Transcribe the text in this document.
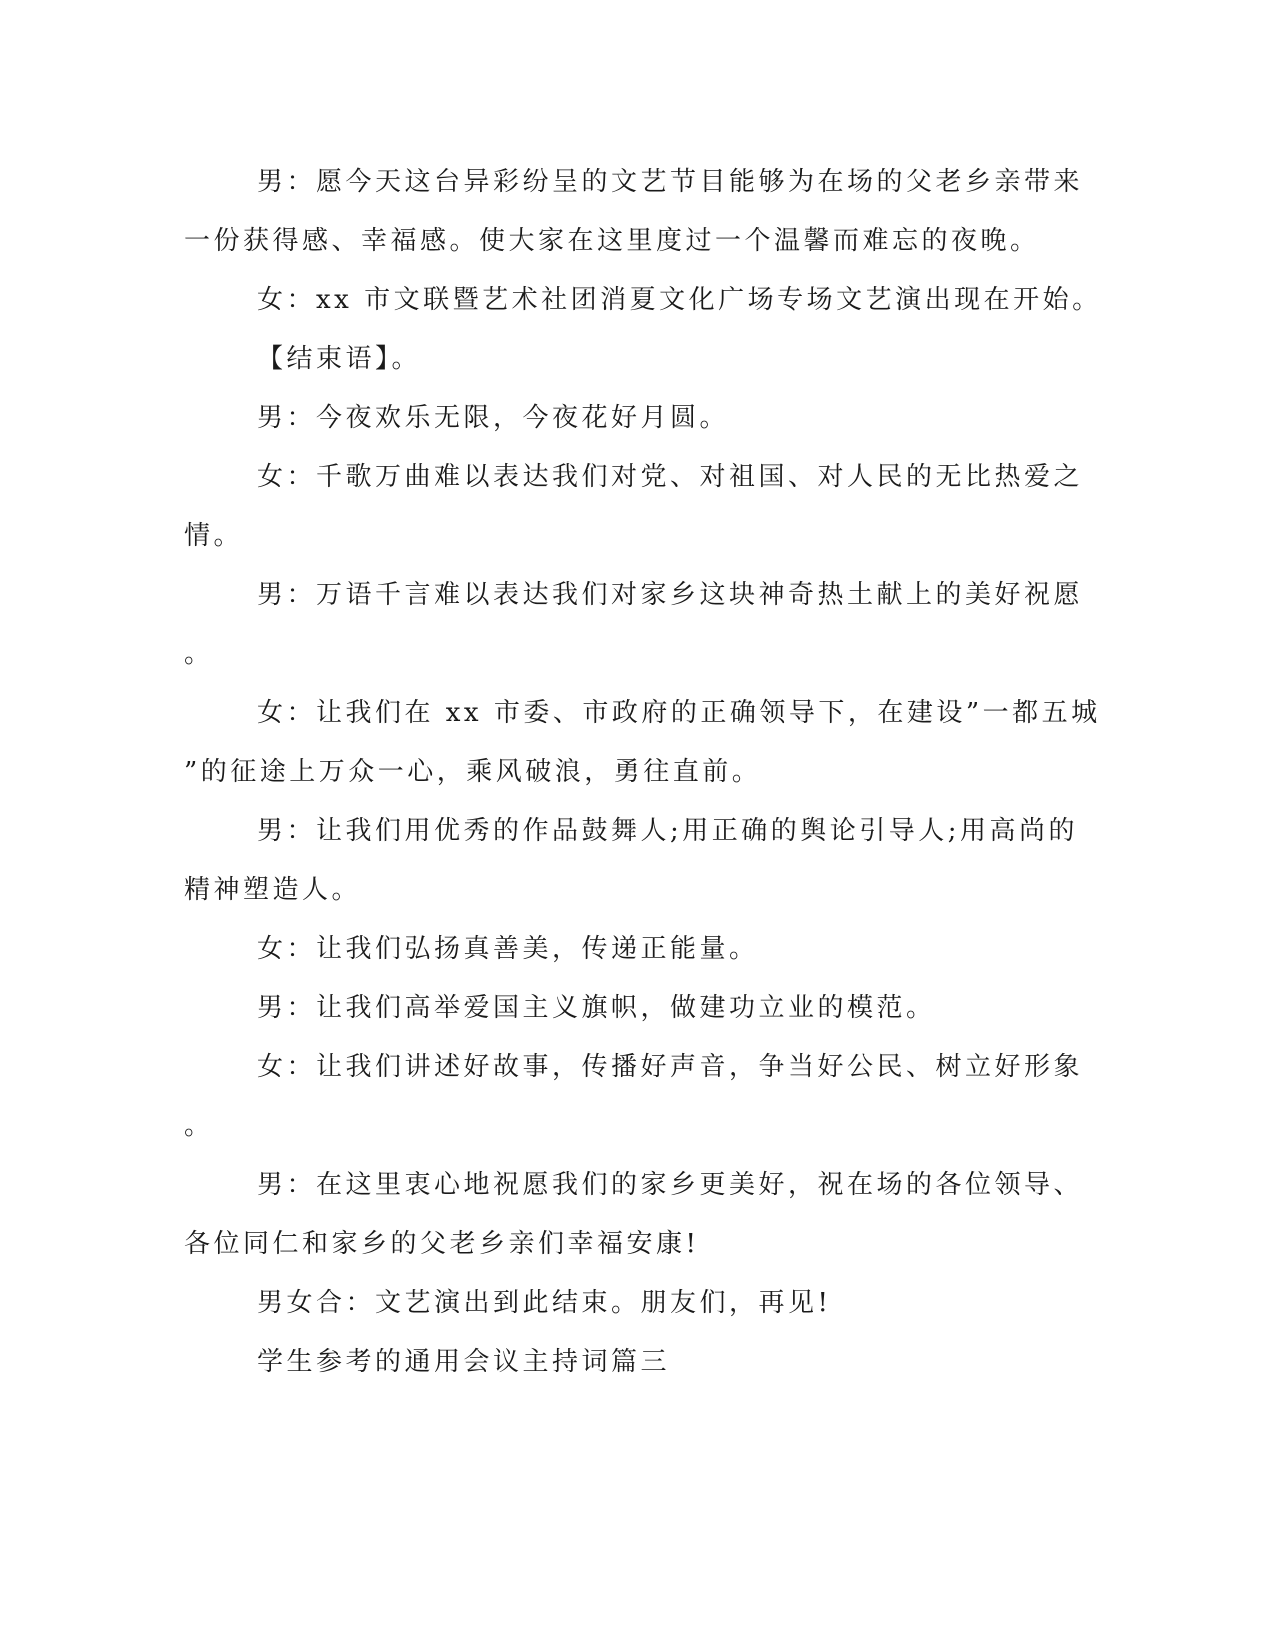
男：愿今天这台异彩纷呈的文艺节目能够为在场的父老乡亲带来
一份获得感、幸福感。使大家在这里度过一个温馨而难忘的夜晚。
女：xx 市文联暨艺术社团消夏文化广场专场文艺演出现在开始。
【结束语】。
男：今夜欢乐无限，今夜花好月圆。
女：千歌万曲难以表达我们对党、对祖国、对人民的无比热爱之
情。
男：万语千言难以表达我们对家乡这块神奇热土献上的美好祝愿
。
女：让我们在 xx 市委、市政府的正确领导下，在建设”一都五城
”的征途上万众一心，乘风破浪，勇往直前。
男：让我们用优秀的作品鼓舞人;用正确的舆论引导人;用高尚的
精神塑造人。
女：让我们弘扬真善美，传递正能量。
男：让我们高举爱国主义旗帜，做建功立业的模范。
女：让我们讲述好故事，传播好声音，争当好公民、树立好形象
。
男：在这里衷心地祝愿我们的家乡更美好，祝在场的各位领导、
各位同仁和家乡的父老乡亲们幸福安康!
男女合：文艺演出到此结束。朋友们，再见!
学生参考的通用会议主持词篇三
